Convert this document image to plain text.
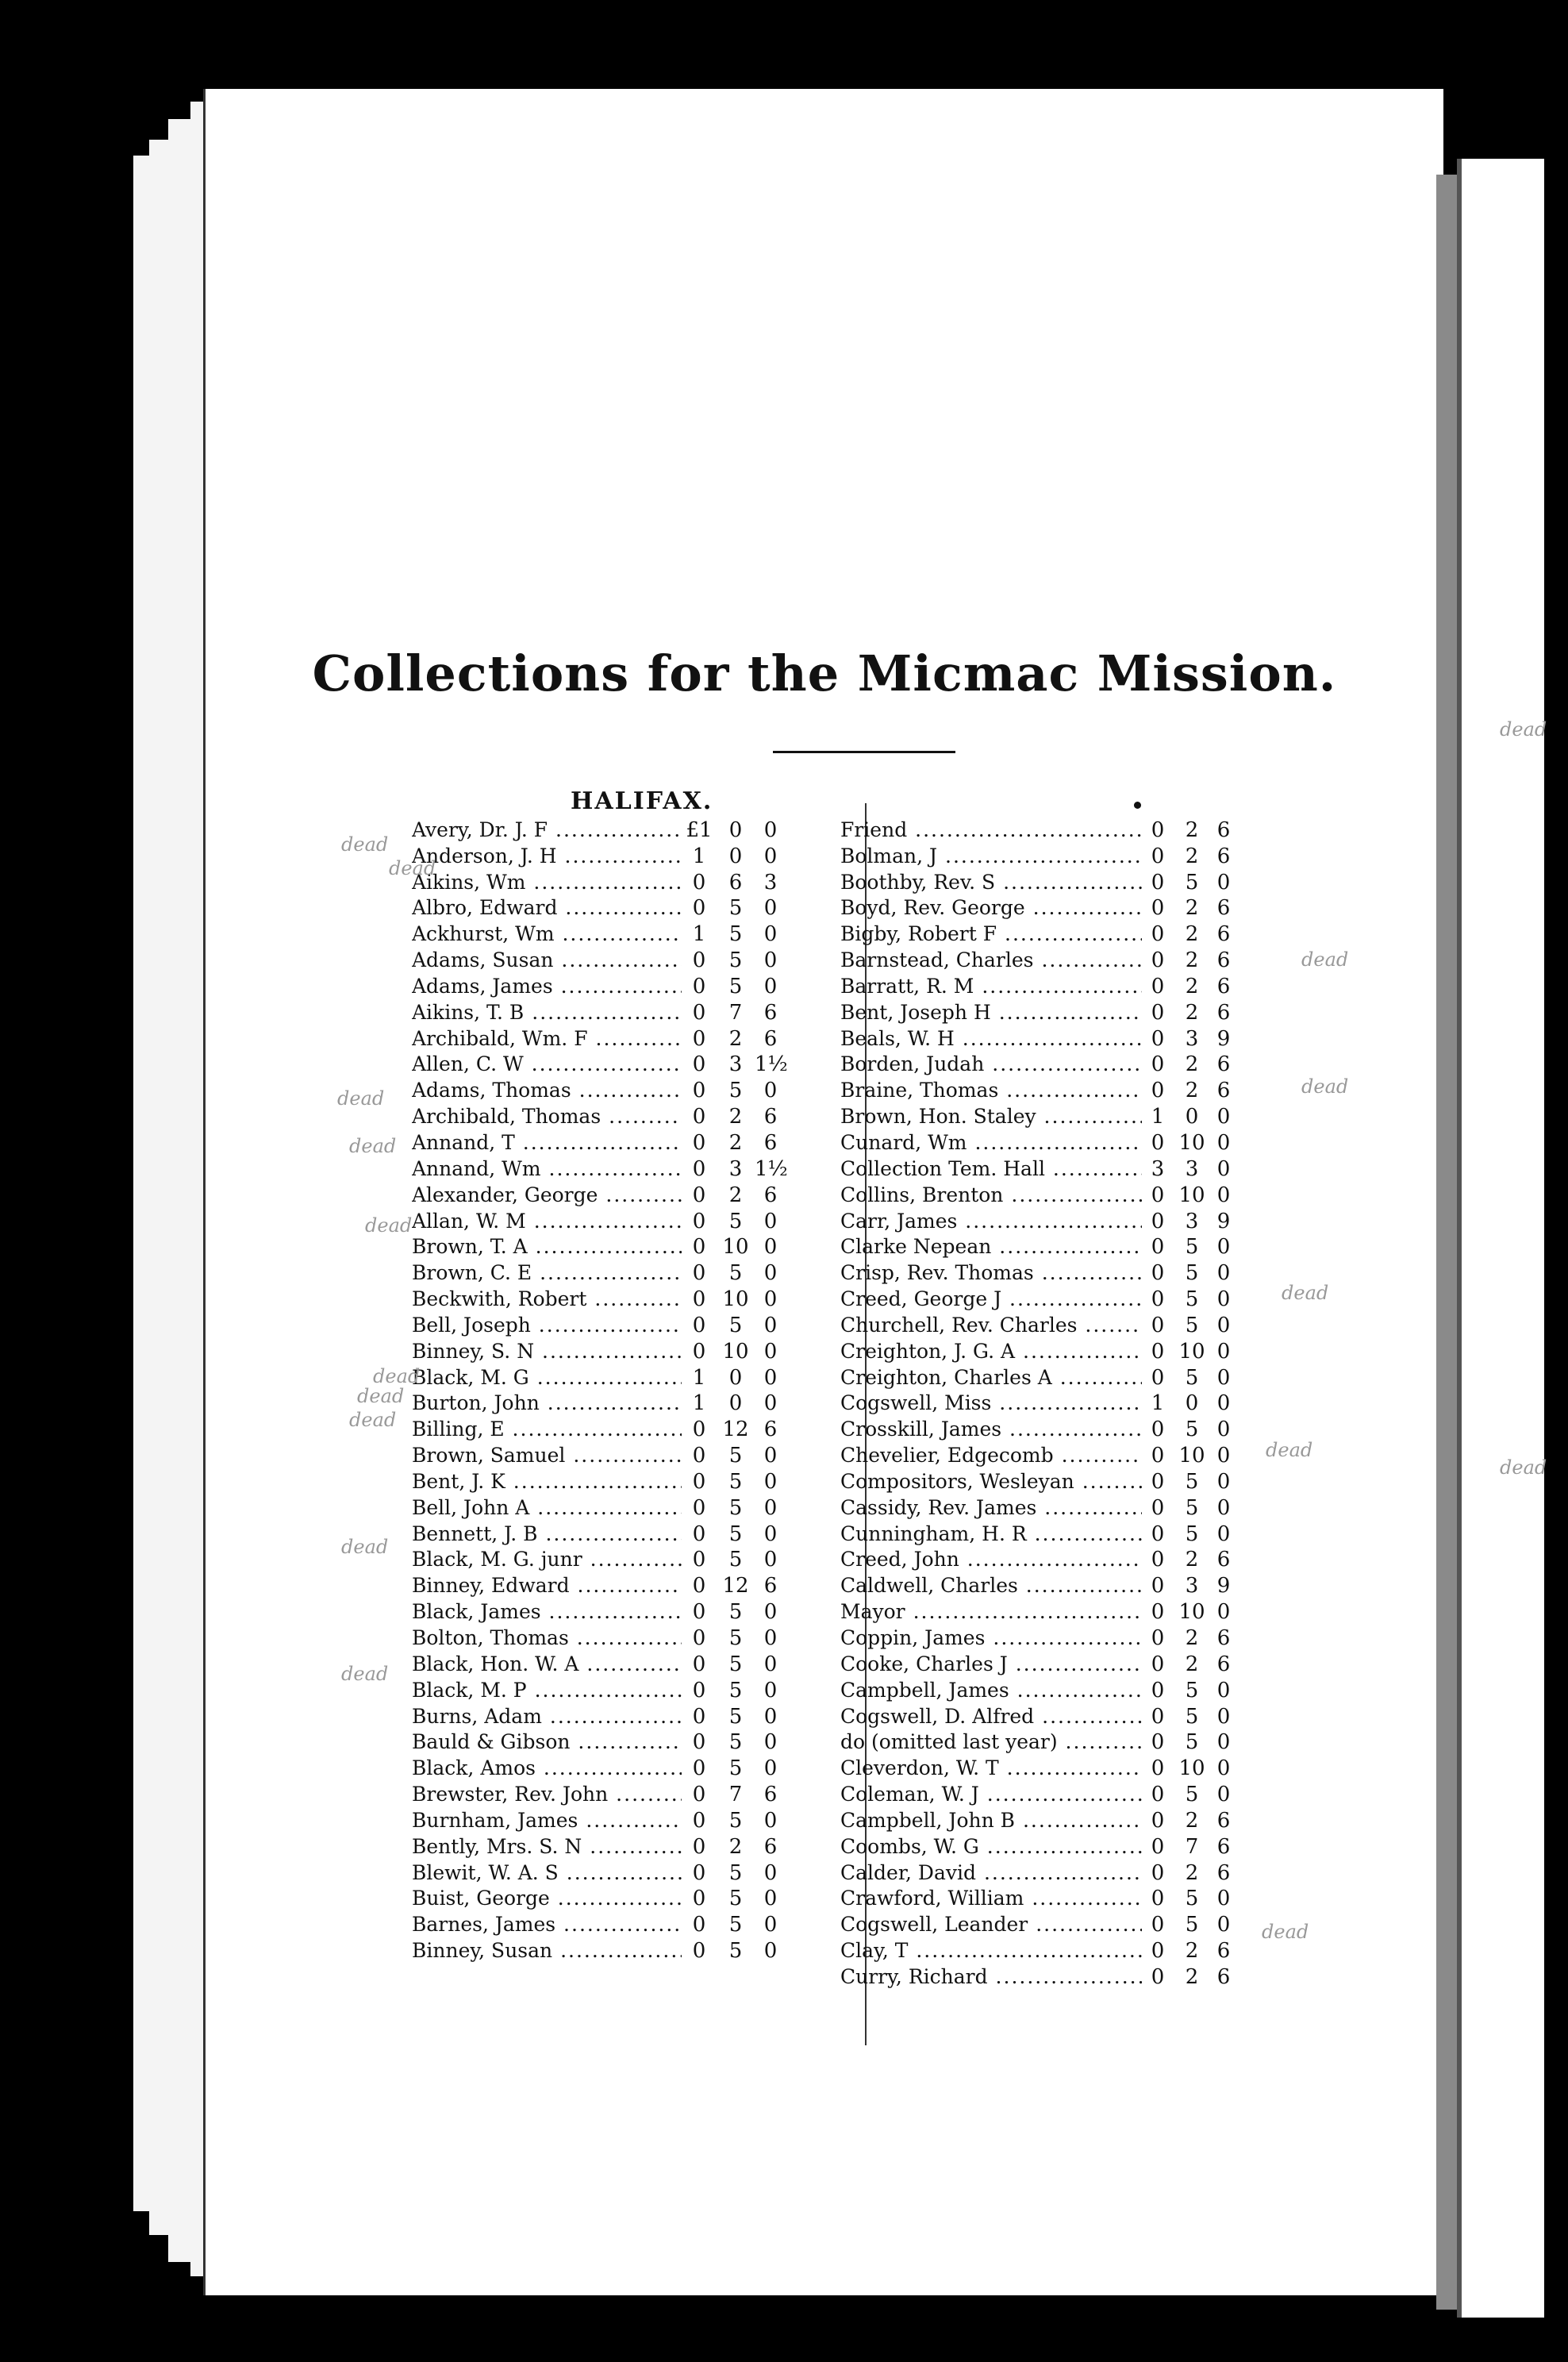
Collections for the Micmac Mission.
HALIFAX.
Avery, Dr. J. F .....	£1 0	0
Anderson, J. H .....	1	0	0
Aikins, Wm .....	0	6	3
Albro, Edward .....	0	5	0
Ackhurst, Wm .....	1	5	0
Adams, Susan .....	0	5	0
Adams, James .....	0	5	0
Aikins, T. B .....	0	7	6
Archibald, Wm. F .....	0	2	6
Allen, C. W .....	0	3 1½
Adams, Thomas .....	0	5	0
Archibald, Thomas .....	0	2	6
Annand, T .....	0	2	6
Annand, Wm .....	0	3 1½
Alexander, George .....	0	2	6
Allan, W. M .....	0	5	0
Brown, T. A .....	0 10 0
Brown, C. E .....	0	5	0
Beckwith, Robert .....	0 10 0
Bell, Joseph .....	0	5	0
Binney, S. N .....	0 10 0
Black, M. G .....	1	0	0
Burton, John .....	1	0	0
Billing, E .....	0 12 6
Brown, Samuel .....	0	5	0
Bent, J. K .....	0	5	0
Bell, John A .....	0	5	0
Bennett, J. B .....	0	5	0
Black, M. G. junr .....	0	5	0
Binney, Edward .....	0 12 6
Black, James .....	0	5	0
Bolton, Thomas .....	0	5	0
Black, Hon. W. A .....	0	5	0
Black, M. P .....	0	5	0
Burns, Adam .....	0	5	0
Bauld & Gibson .....	0	5	0
Black, Amos .....	0	5	0
Brewster, Rev. John .....	0	7	6
Burnham, James .....	0	5	0
Bently, Mrs. S. N .....	0	2	6
Blewit, W. A. S .....	0	5	0
Buist, George .....	0	5	0
Barnes, James .....	0	5	0
Binney, Susan .....	0	5	0
Friend .....	0	2 6
Bolman, J .....	0	2 6
Boothby, Rev. S .....	0	5 0
Boyd, Rev. George .....	0	2 6
Bigby, Robert F .....	0	2 6
Barnstead, Charles .....	0	2 6
Barratt, R. M .....	0	2 6
Bent, Joseph H .....	0	2 6
Beals, W. H .....	0	3 9
Borden, Judah .....	0	2 6
Braine, Thomas .....	0	2 6
Brown, Hon. Staley .....	1	0 0
Cunard, Wm .....	0 10 0
Collection Tem. Hall .....	3	3 0
Collins, Brenton .....	0 10 0
Carr, James .....	0	3 9
Clarke Nepean .....	0	5 0
Crisp, Rev. Thomas .....	0	5 0
Creed, George J .....	0	5 0
Churchell, Rev. Charles .....	0	5 0
Creighton, J. G. A .....	0 10 0
Creighton, Charles A .....	0	5 0
Cogswell, Miss .....	1	0 0
Crosskill, James .....	0	5 0
Chevelier, Edgecomb .....	0 10 0
Compositors, Wesleyan .....	0	5 0
Cassidy, Rev. James .....	0	5 0
Cunningham, H. R .....	0	5 0
Creed, John .....	0	2 6
Caldwell, Charles .....	0	3 9
Mayor .....	0 10 0
Coppin, James .....	0	2 6
Cooke, Charles J .....	0	2 6
Campbell, James .....	0	5 0
Cogswell, D. Alfred .....	0	5 0
do (omitted last year) .....	0	5 0
Cleverdon, W. T .....	0 10 0
Coleman, W. J .....	0	5 0
Campbell, John B .....	0	2 6
Coombs, W. G .....	0	7 6
Calder, David .....	0	2 6
Crawford, William .....	0	5 0
Cogswell, Leander .....	0	5 0
Clay, T .....	0	2 6
Curry, Richard .....	0	2 6
dead
dead
dead
dead
dead
dead
dead
dead
dead
dead
dead
dead
dead
dead
dead
dead
dead
